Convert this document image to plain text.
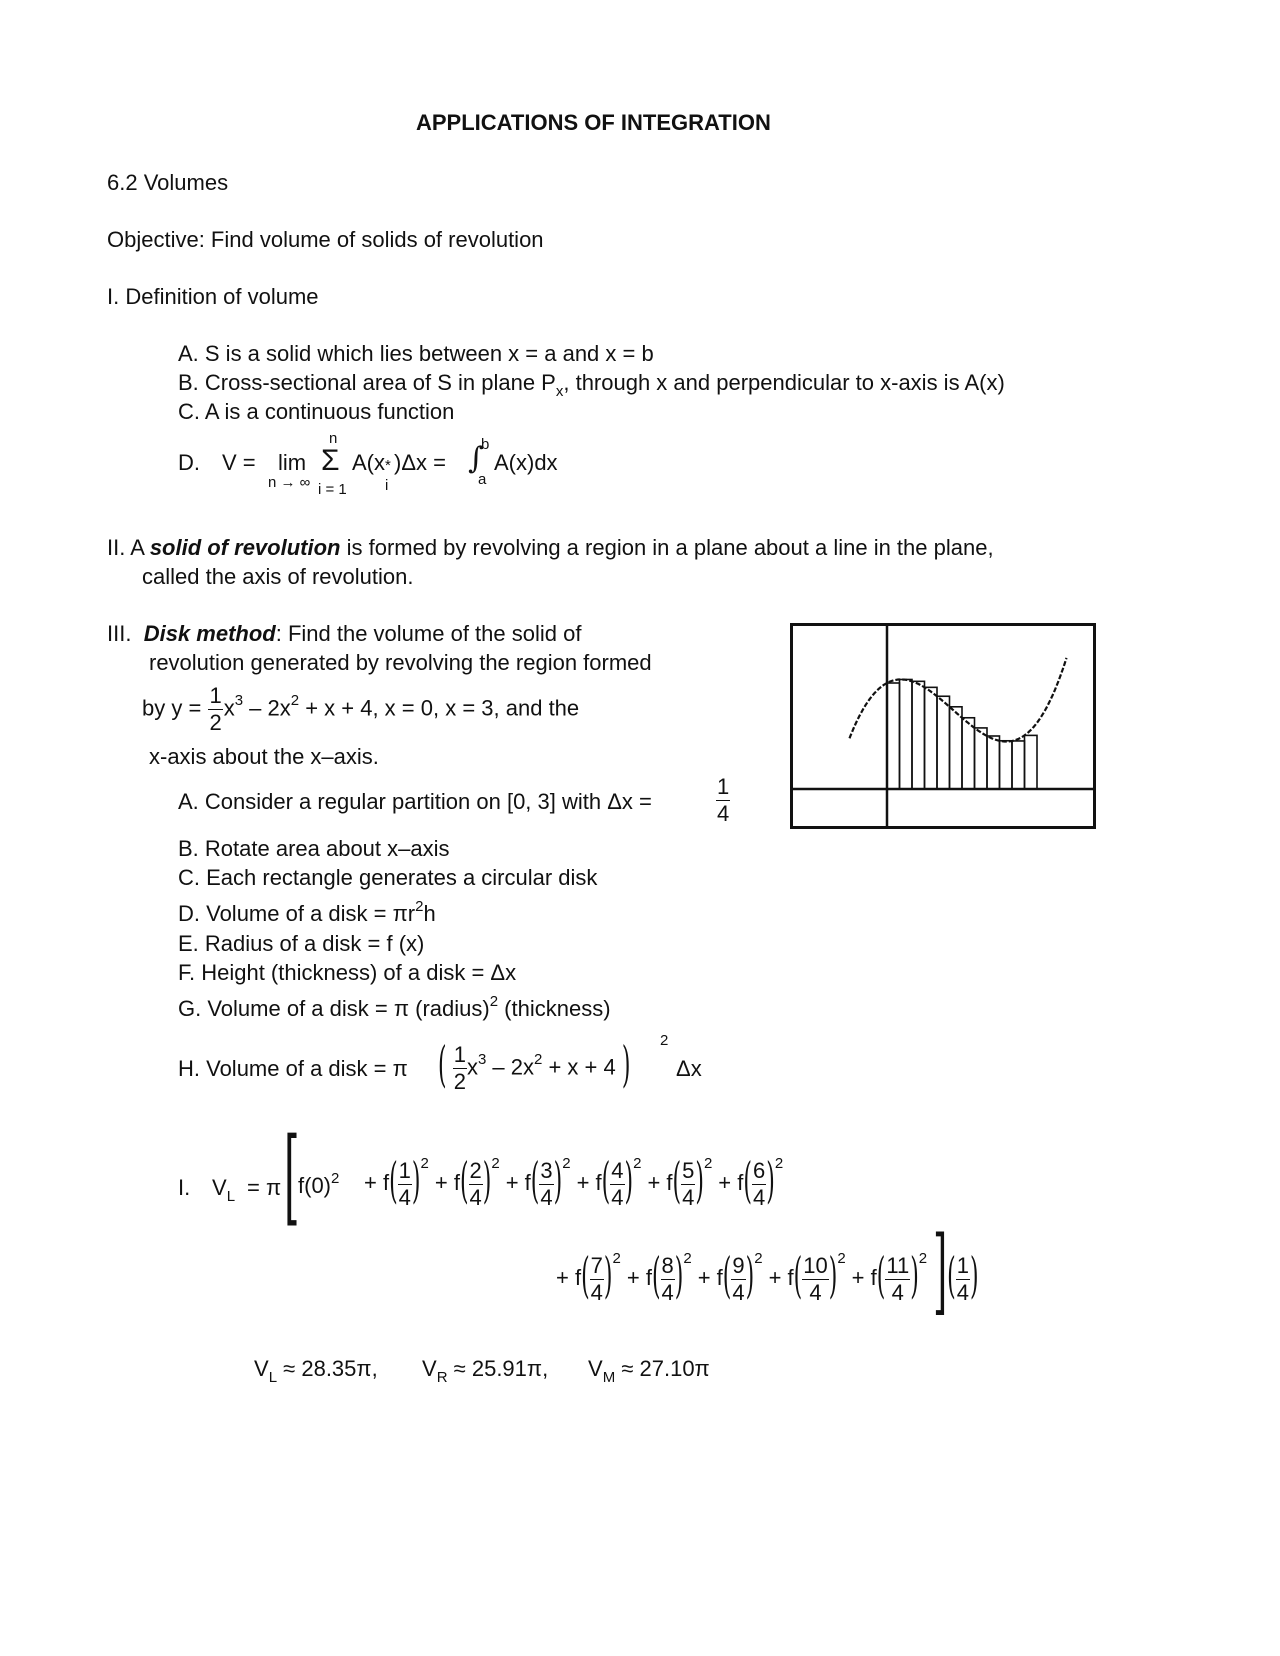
APPLICATIONS OF INTEGRATION
6.2 Volumes
Objective: Find volume of solids of revolution
I. Definition of volume
A. S is a solid which lies between x = a and x = b
B. Cross-sectional area of S in plane $P_x$, through x and perpendicular to x-axis is A(x)
C. A is a continuous function
D. V = lim
n → ∞
n
Σ
i = 1
A(x *
i
)Δx = ∫
b
a
A(x)dx
II. A solid of revolution is formed by revolving a region in a plane about a line in the plane,
called the axis of revolution.
III. Disk method: Find the volume of the solid of
revolution generated by revolving the region formed
by $y = \frac{1}{2} x^3 - 2x^2 + x + 4$, x = 0, x = 3, and the
x-axis about the x–axis.
A. Consider a regular partition on [0, 3] with Δx =	$\frac{1}{4}$
B. Rotate area about x–axis
C. Each rectangle generates a circular disk
D. Volume of a disk = $\pi r^2h$
E. Radius of a disk = f (x)
F. Height (thickness) of a disk = Δx
G. Volume of a disk = π (radius)$^2$ (thickness)
H. Volume of a disk = π ( $\frac{1}{2} x^3 - 2x^2 + x + 4$ ) 2
Δx
I. $V_L = \pi$ [
$f(0)^2 + f( \frac{1}{4} )^2+ f( \frac{2}{4} )^2+ f( \frac{3}{4} )^2+ f( \frac{4}{4} )^2+ f( \frac{5}{4} )^2+ f( \frac{6}{4} )^2$
+ $f( \frac{7}{4} )^2+ f( \frac{8}{4} )^2+ f( \frac{9}{4} )^2+ f( \frac{10}{4} )^2+ f( \frac{11}{4} )^2$ ]( $\frac{1}{4}$ )
$V_L \approx 28.35\pi$, $V_R \approx 25.91\pi$, $V_M \approx 27.10\pi$
